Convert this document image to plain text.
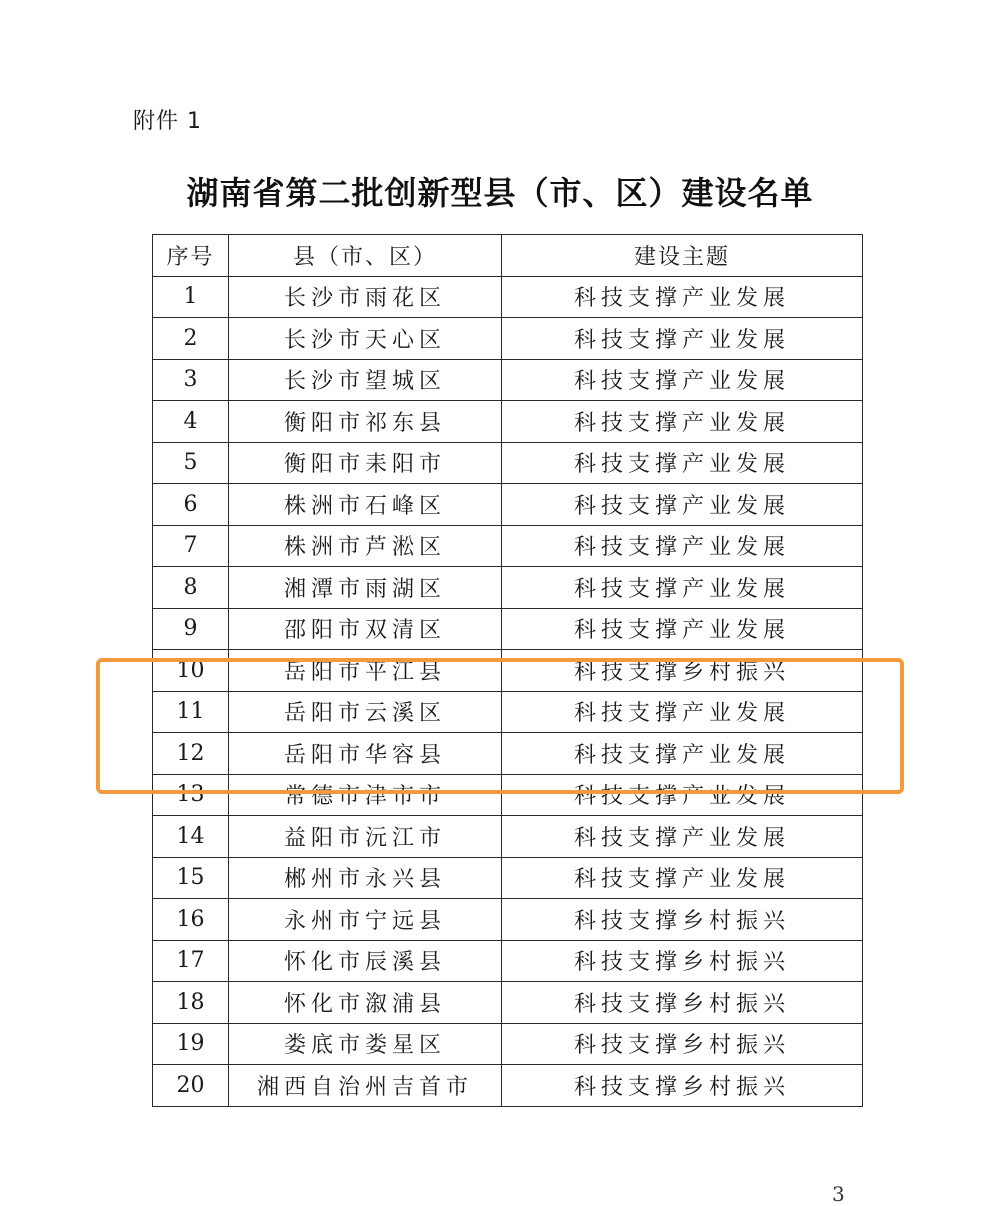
附件 1
湖南省第二批创新型县（市、区）建设名单
序号	县（市、区）	建设主题
1	长沙市雨花区	科技支撑产业发展
2	长沙市天心区	科技支撑产业发展
3	长沙市望城区	科技支撑产业发展
4	衡阳市祁东县	科技支撑产业发展
5	衡阳市耒阳市	科技支撑产业发展
6	株洲市石峰区	科技支撑产业发展
7	株洲市芦淞区	科技支撑产业发展
8	湘潭市雨湖区	科技支撑产业发展
9	邵阳市双清区	科技支撑产业发展
10	岳阳市平江县	科技支撑乡村振兴
11	岳阳市云溪区	科技支撑产业发展
12	岳阳市华容县	科技支撑产业发展
13	常德市津市市	科技支撑产业发展
14	益阳市沅江市	科技支撑产业发展
15	郴州市永兴县	科技支撑产业发展
16	永州市宁远县	科技支撑乡村振兴
17	怀化市辰溪县	科技支撑乡村振兴
18	怀化市溆浦县	科技支撑乡村振兴
19	娄底市娄星区	科技支撑乡村振兴
20	湘西自治州吉首市	科技支撑乡村振兴
3
